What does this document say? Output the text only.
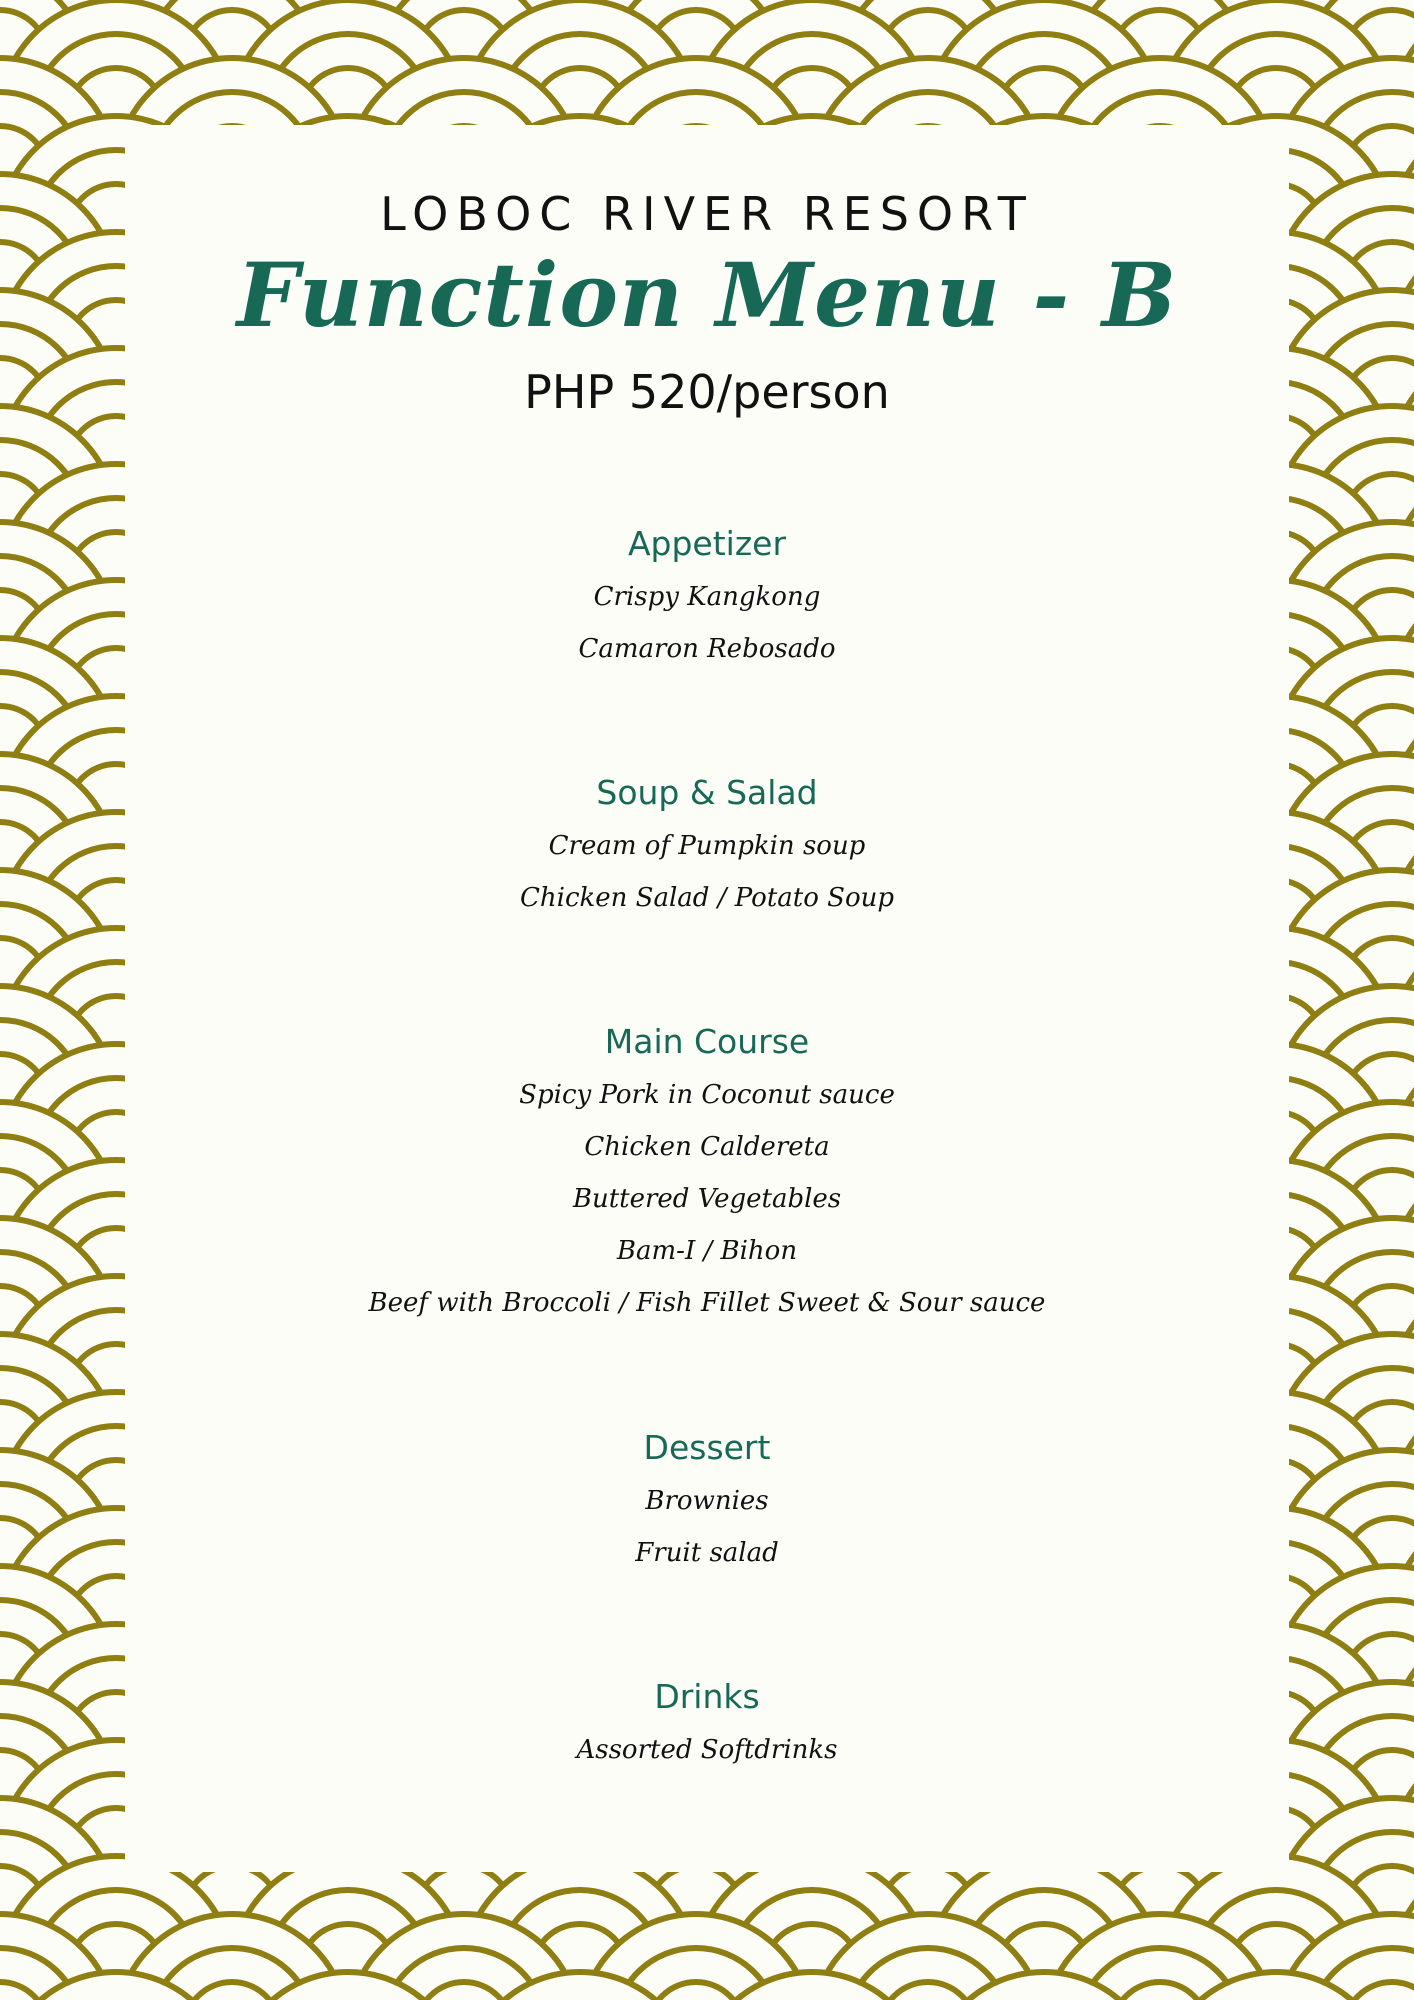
LOBOC RIVER RESORT
Function Menu - B
PHP 520/person
Appetizer
Crispy Kangkong
Camaron Rebosado
Soup & Salad
Cream of Pumpkin soup
Chicken Salad / Potato Soup
Main Course
Spicy Pork in Coconut sauce
Chicken Caldereta
Buttered Vegetables
Bam-I / Bihon
Beef with Broccoli / Fish Fillet Sweet & Sour sauce
Dessert
Brownies
Fruit salad
Drinks
Assorted Softdrinks
